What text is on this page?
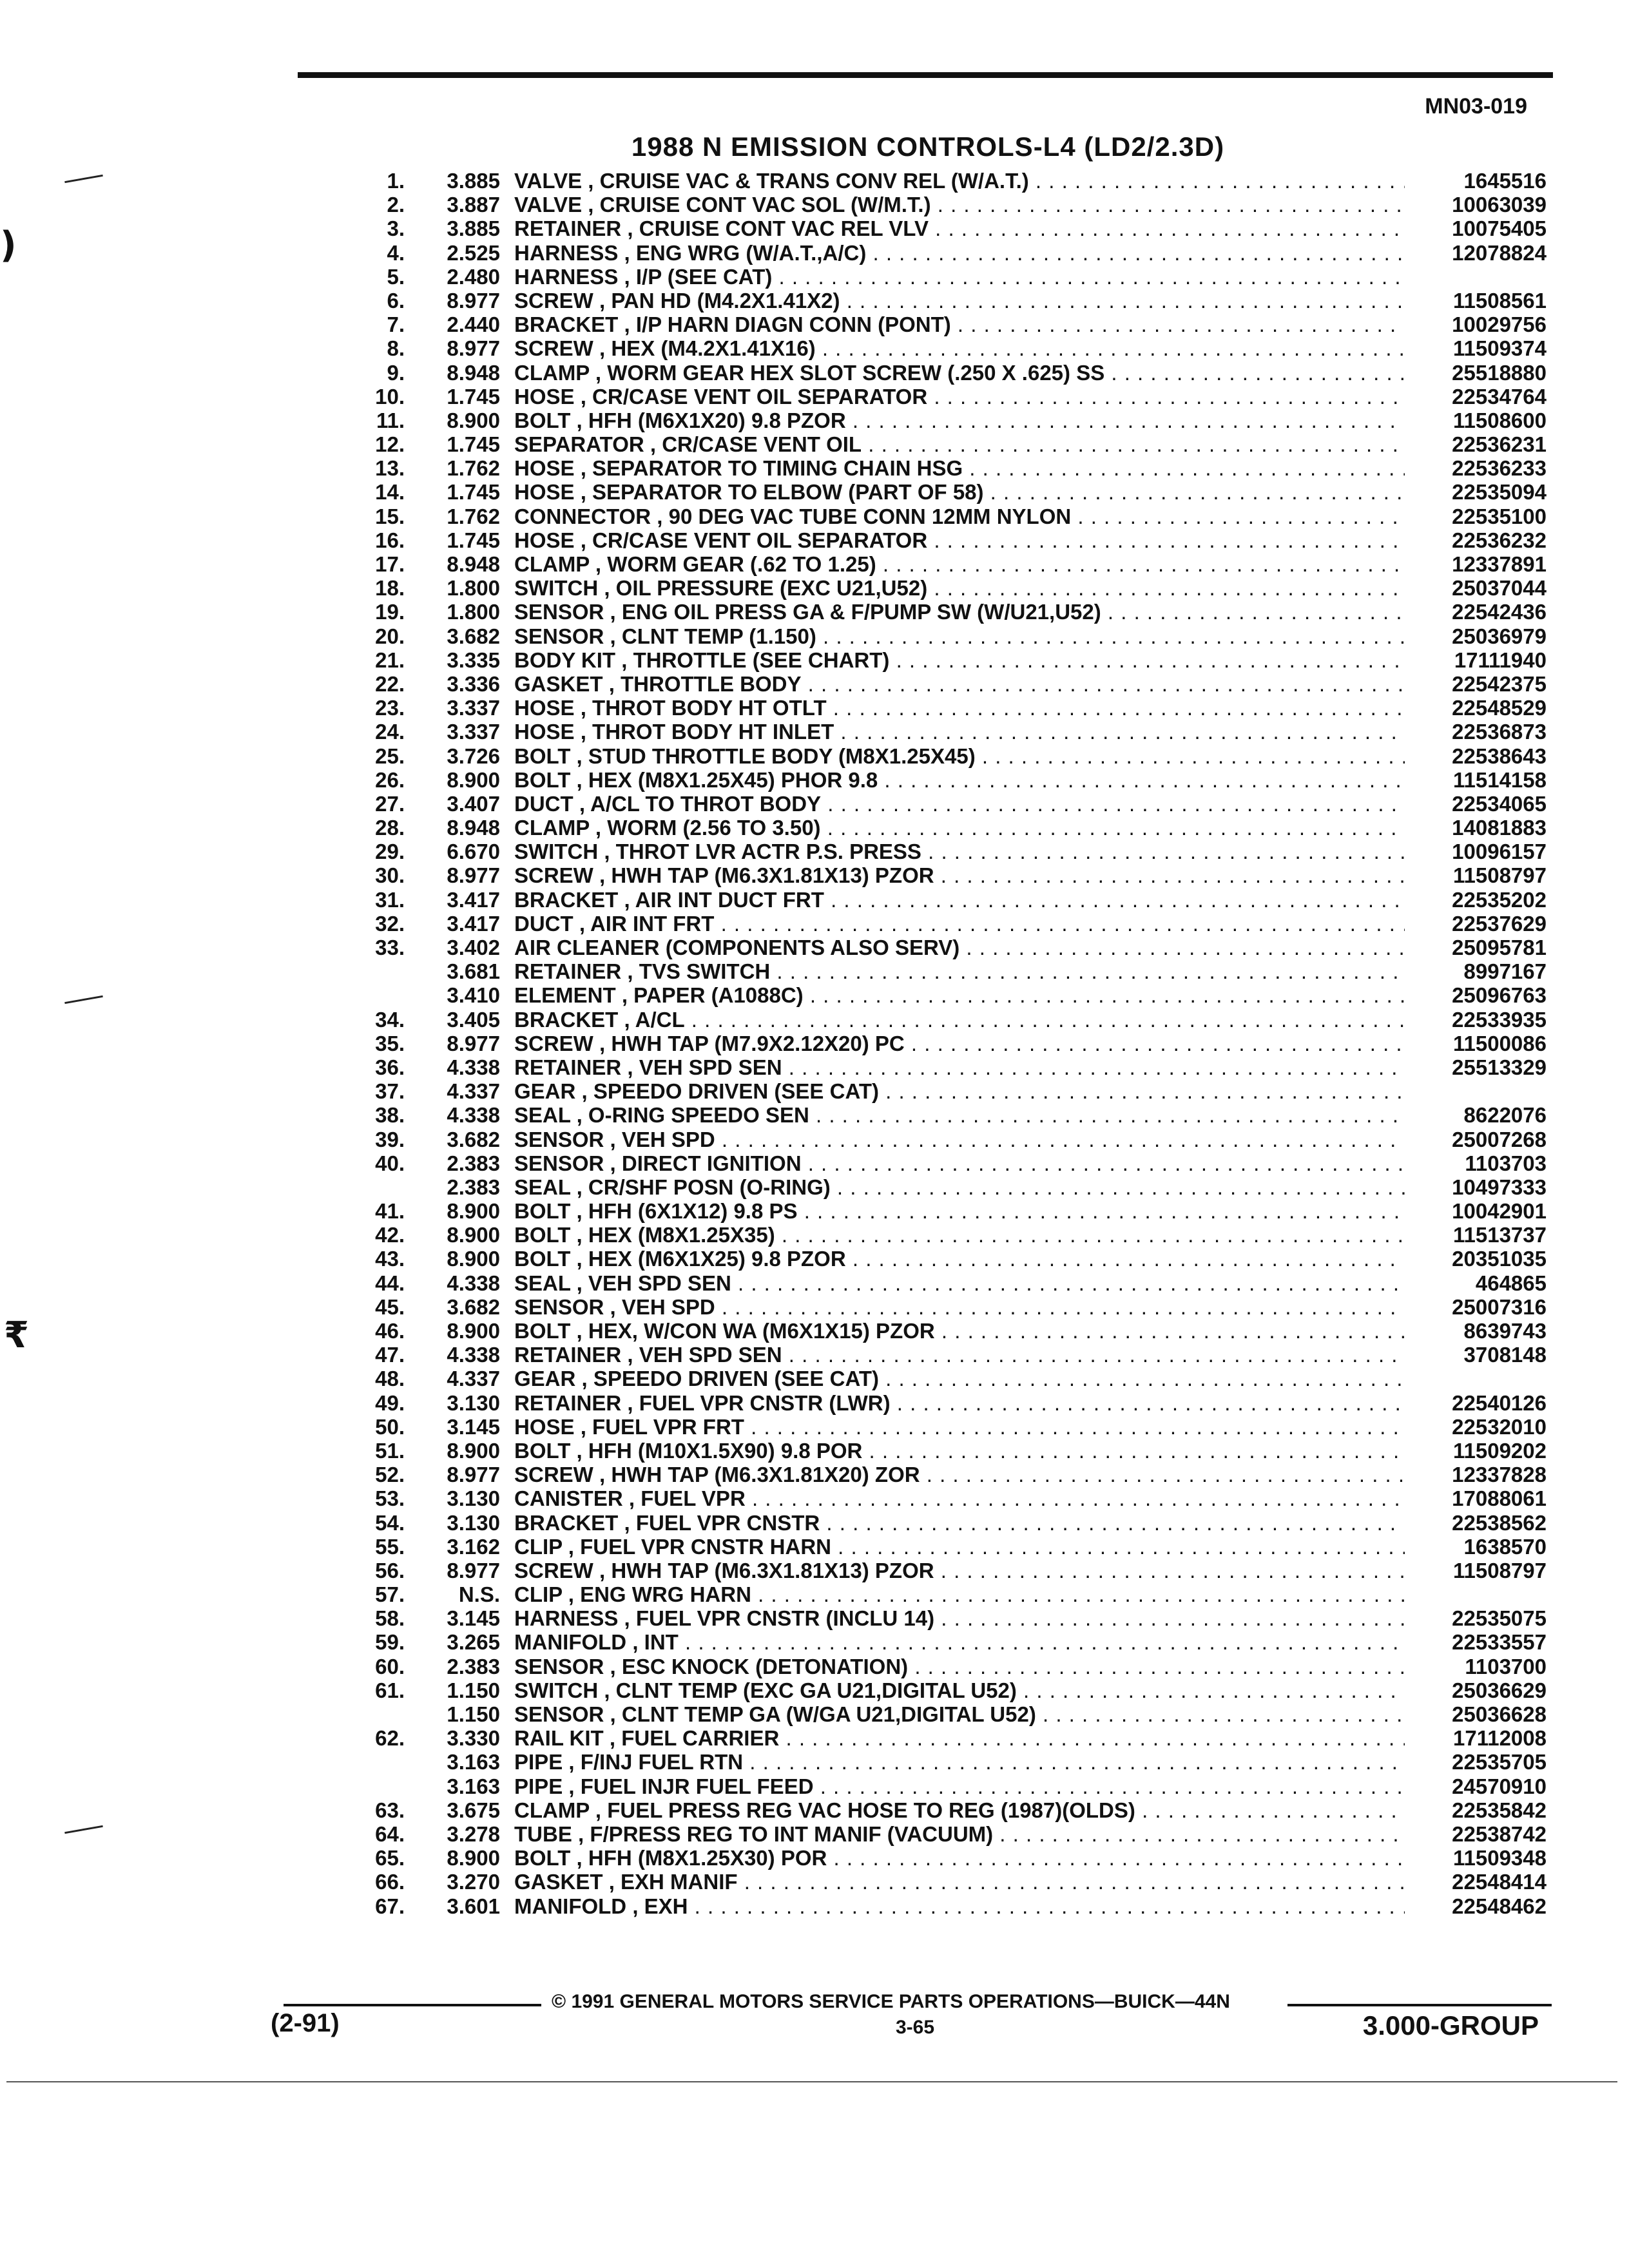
MN03-019
1988 N EMISSION CONTROLS-L4 (LD2/2.3D)
)
₹
1.	3.885 VALVE , CRUISE VAC & TRANS CONV REL (W/A.T.) . . .	1645516
2.	3.887 VALVE , CRUISE CONT VAC SOL (W/M.T.) . . .	10063039
3.	3.885 RETAINER , CRUISE CONT VAC REL VLV . . .	10075405
4.	2.525 HARNESS , ENG WRG (W/A.T.,A/C) . . .	12078824
5.	2.480 HARNESS , I/P (SEE CAT) . . .
6.	8.977 SCREW , PAN HD (M4.2X1.41X2) . . .	11508561
7.	2.440 BRACKET , I/P HARN DIAGN CONN (PONT) . . .	10029756
8.	8.977 SCREW , HEX (M4.2X1.41X16) . . .	11509374
9.	8.948 CLAMP , WORM GEAR HEX SLOT SCREW (.250 X .625) SS . . .	25518880
10.	1.745 HOSE , CR/CASE VENT OIL SEPARATOR . . .	22534764
11.	8.900 BOLT , HFH (M6X1X20) 9.8 PZOR . . .	11508600
12.	1.745 SEPARATOR , CR/CASE VENT OIL . . .	22536231
13.	1.762 HOSE , SEPARATOR TO TIMING CHAIN HSG . . .	22536233
14.	1.745 HOSE , SEPARATOR TO ELBOW (PART OF 58) . . .	22535094
15.	1.762 CONNECTOR , 90 DEG VAC TUBE CONN 12MM NYLON . . .	22535100
16.	1.745 HOSE , CR/CASE VENT OIL SEPARATOR . . .	22536232
17.	8.948 CLAMP , WORM GEAR (.62 TO 1.25) . . .	12337891
18.	1.800 SWITCH , OIL PRESSURE (EXC U21,U52) . . .	25037044
19.	1.800 SENSOR , ENG OIL PRESS GA & F/PUMP SW (W/U21,U52) . . .	22542436
20.	3.682 SENSOR , CLNT TEMP (1.150) . . .	25036979
21.	3.335 BODY KIT , THROTTLE (SEE CHART) . . .	17111940
22.	3.336 GASKET , THROTTLE BODY . . .	22542375
23.	3.337 HOSE , THROT BODY HT OTLT . . .	22548529
24.	3.337 HOSE , THROT BODY HT INLET . . .	22536873
25.	3.726 BOLT , STUD THROTTLE BODY (M8X1.25X45) . . .	22538643
26.	8.900 BOLT , HEX (M8X1.25X45) PHOR 9.8 . . .	11514158
27.	3.407 DUCT , A/CL TO THROT BODY . . .	22534065
28.	8.948 CLAMP , WORM (2.56 TO 3.50) . . .	14081883
29.	6.670 SWITCH , THROT LVR ACTR P.S. PRESS . . .	10096157
30.	8.977 SCREW , HWH TAP (M6.3X1.81X13) PZOR . . .	11508797
31.	3.417 BRACKET , AIR INT DUCT FRT . . .	22535202
32.	3.417 DUCT , AIR INT FRT . . .	22537629
33.	3.402 AIR CLEANER (COMPONENTS ALSO SERV) . . .	25095781
3.681 RETAINER , TVS SWITCH . . .	8997167
3.410 ELEMENT , PAPER (A1088C) . . .	25096763
34.	3.405 BRACKET , A/CL . . .	22533935
35.	8.977 SCREW , HWH TAP (M7.9X2.12X20) PC . . .	11500086
36.	4.338 RETAINER , VEH SPD SEN . . .	25513329
37.	4.337 GEAR , SPEEDO DRIVEN (SEE CAT) . . .
38.	4.338 SEAL , O-RING SPEEDO SEN . . .	8622076
39.	3.682 SENSOR , VEH SPD . . .	25007268
40.	2.383 SENSOR , DIRECT IGNITION . . .	1103703
2.383 SEAL , CR/SHF POSN (O-RING) . . .	10497333
41.	8.900 BOLT , HFH (6X1X12) 9.8 PS . . .	10042901
42.	8.900 BOLT , HEX (M8X1.25X35) . . .	11513737
43.	8.900 BOLT , HEX (M6X1X25) 9.8 PZOR . . .	20351035
44.	4.338 SEAL , VEH SPD SEN . . .	464865
45.	3.682 SENSOR , VEH SPD . . .	25007316
46.	8.900 BOLT , HEX, W/CON WA (M6X1X15) PZOR . . .	8639743
47.	4.338 RETAINER , VEH SPD SEN . . .	3708148
48.	4.337 GEAR , SPEEDO DRIVEN (SEE CAT) . . .
49.	3.130 RETAINER , FUEL VPR CNSTR (LWR) . . .	22540126
50.	3.145 HOSE , FUEL VPR FRT . . .	22532010
51.	8.900 BOLT , HFH (M10X1.5X90) 9.8 POR . . .	11509202
52.	8.977 SCREW , HWH TAP (M6.3X1.81X20) ZOR . . .	12337828
53.	3.130 CANISTER , FUEL VPR . . .	17088061
54.	3.130 BRACKET , FUEL VPR CNSTR . . .	22538562
55.	3.162 CLIP , FUEL VPR CNSTR HARN . . .	1638570
56.	8.977 SCREW , HWH TAP (M6.3X1.81X13) PZOR . . .	11508797
57.	N.S. CLIP , ENG WRG HARN . . .
58.	3.145 HARNESS , FUEL VPR CNSTR (INCLU 14) . . .	22535075
59.	3.265 MANIFOLD , INT . . .	22533557
60.	2.383 SENSOR , ESC KNOCK (DETONATION) . . .	1103700
61.	1.150 SWITCH , CLNT TEMP (EXC GA U21,DIGITAL U52) . . .	25036629
1.150 SENSOR , CLNT TEMP GA (W/GA U21,DIGITAL U52) . . .	25036628
62.	3.330 RAIL KIT , FUEL CARRIER . . .	17112008
3.163 PIPE , F/INJ FUEL RTN . . .	22535705
3.163 PIPE , FUEL INJR FUEL FEED . . .	24570910
63.	3.675 CLAMP , FUEL PRESS REG VAC HOSE TO REG (1987)(OLDS) . . .	22535842
64.	3.278 TUBE , F/PRESS REG TO INT MANIF (VACUUM) . . .	22538742
65.	8.900 BOLT , HFH (M8X1.25X30) POR . . .	11509348
66.	3.270 GASKET , EXH MANIF . . .	22548414
67.	3.601 MANIFOLD , EXH . . .	22548462
© 1991 GENERAL MOTORS SERVICE PARTS OPERATIONS—BUICK—44N
(2-91)	3-65	3.000-GROUP
